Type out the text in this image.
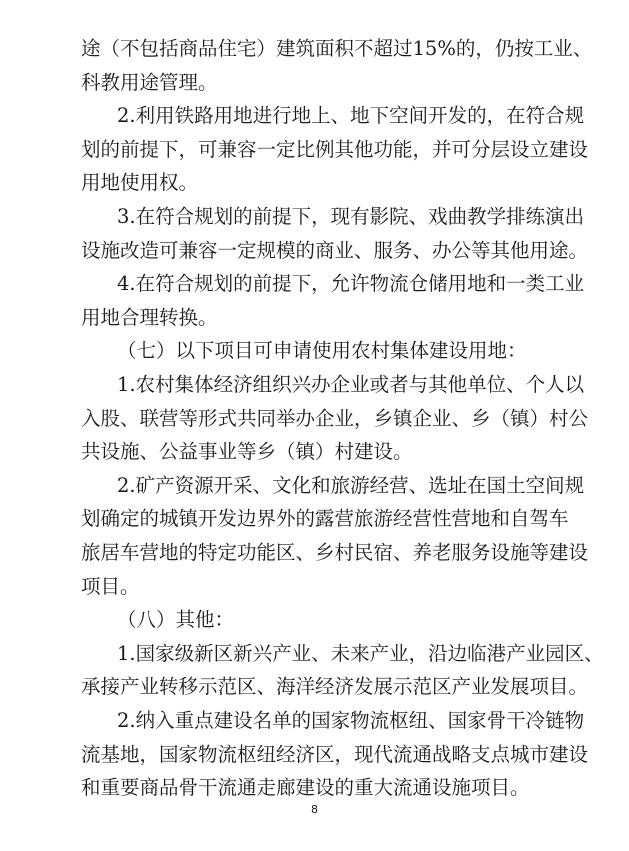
途（不包括商品住宅）建筑面积不超过15%的，仍按工业、
科教用途管理。
2.利用铁路用地进行地上、地下空间开发的，在符合规
划的前提下，可兼容一定比例其他功能，并可分层设立建设
用地使用权。
3.在符合规划的前提下，现有影院、戏曲教学排练演出
设施改造可兼容一定规模的商业、服务、办公等其他用途。
4.在符合规划的前提下，允许物流仓储用地和一类工业
用地合理转换。
（七）以下项目可申请使用农村集体建设用地：
1.农村集体经济组织兴办企业或者与其他单位、个人以
入股、联营等形式共同举办企业，乡镇企业、乡（镇）村公
共设施、公益事业等乡（镇）村建设。
2.矿产资源开采、文化和旅游经营、选址在国土空间规
划确定的城镇开发边界外的露营旅游经营性营地和自驾车
旅居车营地的特定功能区、乡村民宿、养老服务设施等建设
项目。
（八）其他：
1.国家级新区新兴产业、未来产业，沿边临港产业园区、
承接产业转移示范区、海洋经济发展示范区产业发展项目。
2.纳入重点建设名单的国家物流枢纽、国家骨干冷链物
流基地，国家物流枢纽经济区，现代流通战略支点城市建设
和重要商品骨干流通走廊建设的重大流通设施项目。
8
